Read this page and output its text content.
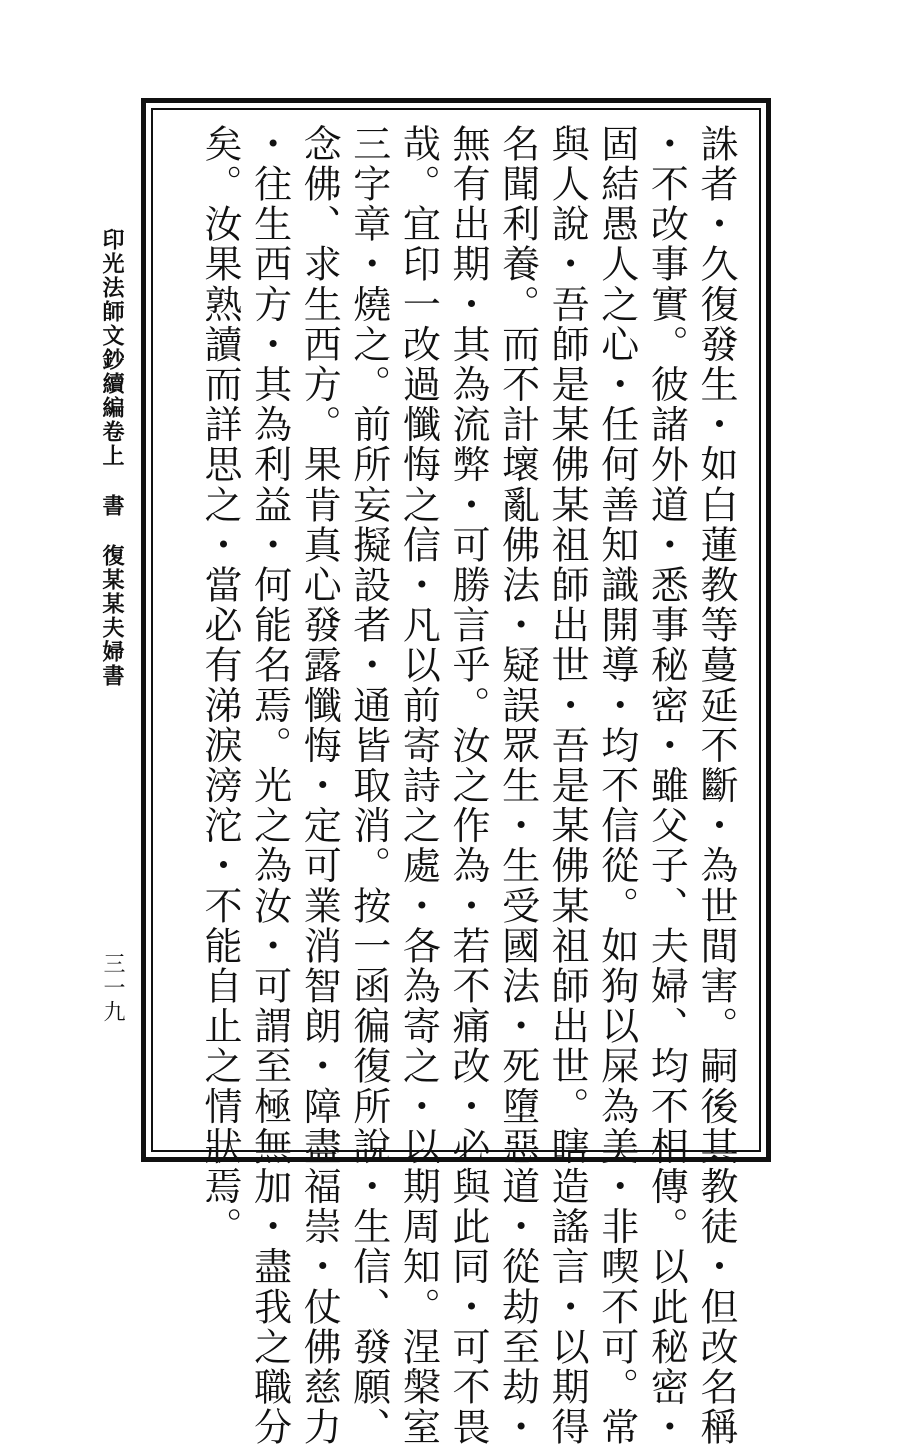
印光法師文鈔續編卷上書復某某夫婦書
三一九	誅者・久復發生・如白蓮教等蔓延不斷・為世間害。嗣後其教徒・但改名稱
・不改事實。彼諸外道・悉事秘密・雖父子、夫婦、均不相傳。以此秘密・
固結愚人之心・任何善知識開導・均不信從。如狗以屎為美・非喫不可。常
與人說・吾師是某佛某祖師出世・吾是某佛某祖師出世。瞎造謠言・以期得
名聞利養。而不計壞亂佛法・疑誤眾生・生受國法・死墮惡道・從劫至劫・
無有出期・其為流弊・可勝言乎。汝之作為・若不痛改・必與此同・可不畏
哉。宜印一改過懺悔之信・凡以前寄詩之處・各為寄之・以期周知。涅槃室
三字章・燒之。前所妄擬設者・通皆取消。按一函徧復所說・生信、發願、
念佛、求生西方。果肯真心發露懺悔・定可業消智朗・障盡福崇・仗佛慈力
・往生西方・其為利益・何能名焉。光之為汝・可謂至極無加・盡我之職分
矣。汝果熟讀而詳思之・當必有涕淚滂沱・不能自止之情狀焉。
